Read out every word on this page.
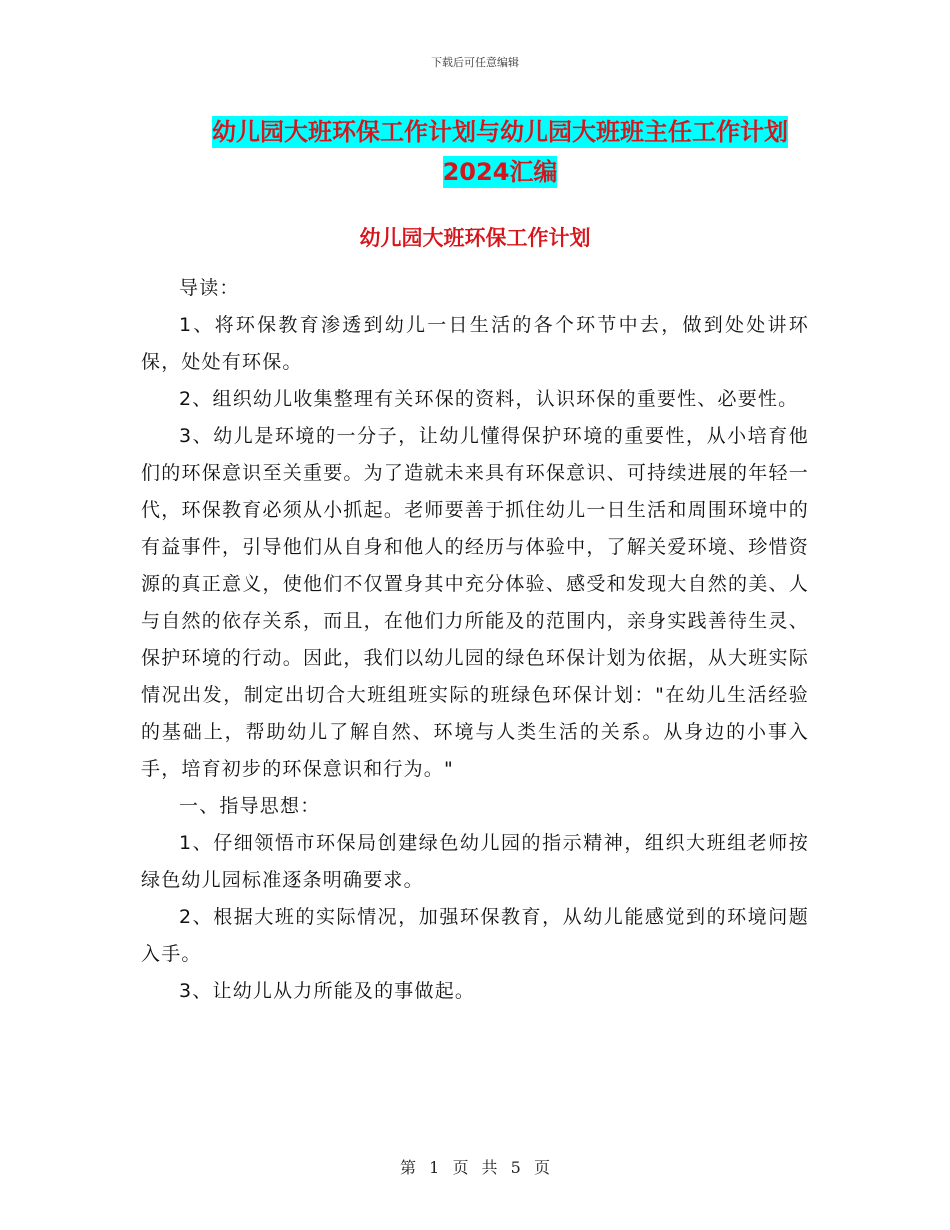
下载后可任意编辑
幼儿园大班环保工作计划与幼儿园大班班主任工作计划2024汇编
幼儿园大班环保工作计划

导读：

1、将环保教育渗透到幼儿一日生活的各个环节中去，做到处处讲环保，处处有环保。

2、组织幼儿收集整理有关环保的资料，认识环保的重要性、必要性。

3、幼儿是环境的一分子，让幼儿懂得保护环境的重要性，从小培育他们的环保意识至关重要。为了造就未来具有环保意识、可持续进展的年轻一代，环保教育必须从小抓起。老师要善于抓住幼儿一日生活和周围环境中的有益事件，引导他们从自身和他人的经历与体验中，了解关爱环境、珍惜资源的真正意义，使他们不仅置身其中充分体验、感受和发现大自然的美、人与自然的依存关系，而且，在他们力所能及的范围内，亲身实践善待生灵、保护环境的行动。因此，我们以幼儿园的绿色环保计划为依据，从大班实际情况出发，制定出切合大班组班实际的班绿色环保计划："在幼儿生活经验的基础上，帮助幼儿了解自然、环境与人类生活的关系。从身边的小事入手，培育初步的环保意识和行为。"

一、指导思想：

1、仔细领悟市环保局创建绿色幼儿园的指示精神，组织大班组老师按绿色幼儿园标准逐条明确要求。

2、根据大班的实际情况，加强环保教育，从幼儿能感觉到的环境问题入手。

3、让幼儿从力所能及的事做起。

第 1 页 共 5 页
